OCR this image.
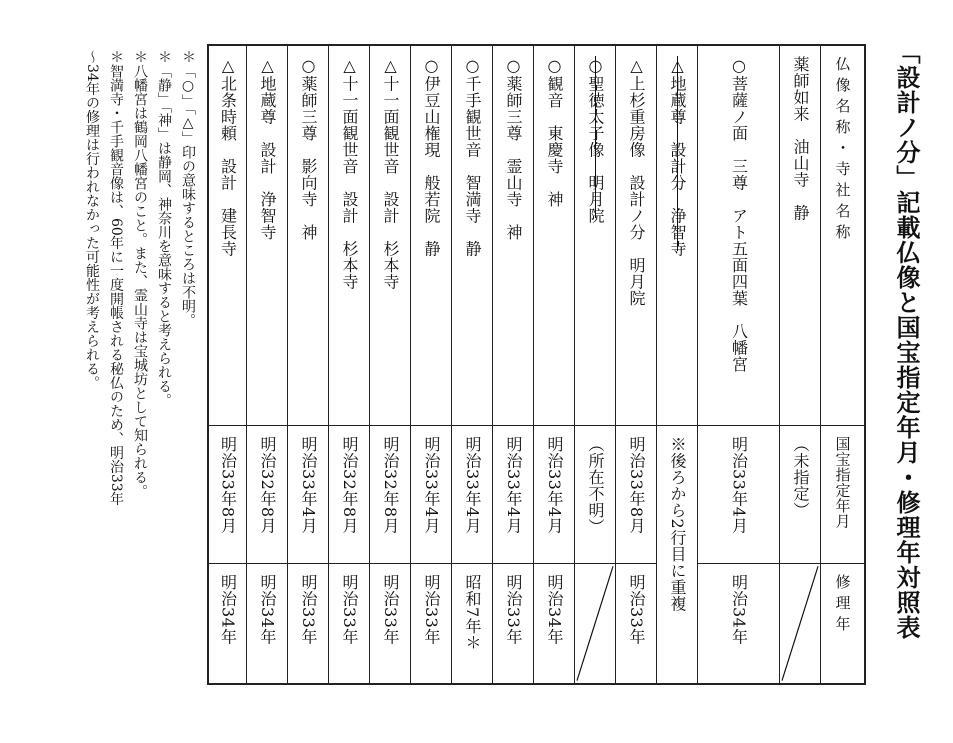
「設計ノ分」記載仏像と国宝指定年月・修理年対照表
仏像名称・寺社名称
国宝指定年月
修理年
薬師如来　油山寺　静
（未指定）
○菩薩ノ面　三尊　アト五面四葉　八幡宮
明治33年4月
明治34年
△地蔵尊　設計分　浄智寺
※後ろから2行目に重複
△上杉重房像　設計ノ分　明月院
明治33年8月
明治33年
○聖徳太子像　明月院
（所在不明）
○観音　東慶寺　神
明治33年4月
明治34年
○薬師三尊　霊山寺　神
明治33年4月
明治33年
○千手観世音　智満寺　静
明治33年4月
昭和7年＊
○伊豆山権現　般若院　静
明治33年4月
明治33年
△十一面観世音　設計　杉本寺
明治32年8月
明治33年
△十一面観世音　設計　杉本寺
明治32年8月
明治33年
○薬師三尊　影向寺　神
明治33年4月
明治33年
△地蔵尊　設計　浄智寺
明治32年8月
明治34年
△北条時頼　設計　建長寺
明治33年8月
明治34年

＊「○」「△」印の意味するところは不明。

＊「静」「神」は静岡、神奈川を意味すると考えられる。

＊八幡宮は鶴岡八幡宮のこと。また、霊山寺は宝城坊として知られる。

＊智満寺・千手観音像は、60年に一度開帳される秘仏のため、明治33年

～34年の修理は行われなかった可能性が考えられる。
